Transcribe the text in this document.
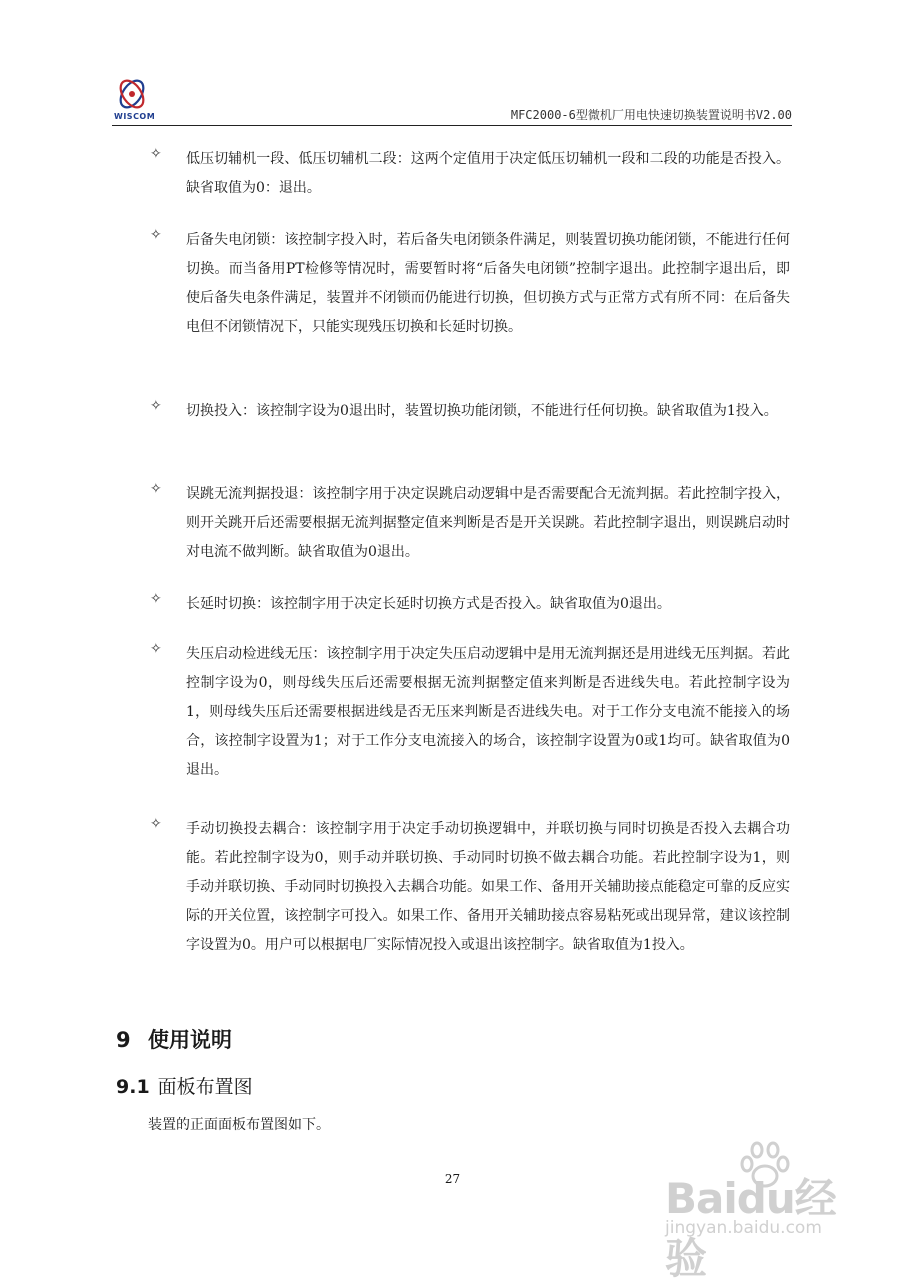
WISCOM	MFC2000-6型微机厂用电快速切换装置说明书V2.00
✧ 低压切辅机一段、低压切辅机二段：这两个定值用于决定低压切辅机一段和二段的功能是否投入。缺省取值为0：退出。
✧ 后备失电闭锁：该控制字投入时，若后备失电闭锁条件满足，则装置切换功能闭锁，不能进行任何切换。而当备用PT检修等情况时，需要暂时将“后备失电闭锁”控制字退出。此控制字退出后，即使后备失电条件满足，装置并不闭锁而仍能进行切换，但切换方式与正常方式有所不同：在后备失电但不闭锁情况下，只能实现残压切换和长延时切换。
✧ 切换投入：该控制字设为0退出时，装置切换功能闭锁，不能进行任何切换。缺省取值为1投入。
✧ 误跳无流判据投退：该控制字用于决定误跳启动逻辑中是否需要配合无流判据。若此控制字投入，则开关跳开后还需要根据无流判据整定值来判断是否是开关误跳。若此控制字退出，则误跳启动时对电流不做判断。缺省取值为0退出。
✧ 长延时切换：该控制字用于决定长延时切换方式是否投入。缺省取值为0退出。
✧ 失压启动检进线无压：该控制字用于决定失压启动逻辑中是用无流判据还是用进线无压判据。若此控制字设为0，则母线失压后还需要根据无流判据整定值来判断是否进线失电。若此控制字设为1，则母线失压后还需要根据进线是否无压来判断是否进线失电。对于工作分支电流不能接入的场合，该控制字设置为1；对于工作分支电流接入的场合，该控制字设置为0或1均可。缺省取值为0退出。
✧ 手动切换投去耦合：该控制字用于决定手动切换逻辑中，并联切换与同时切换是否投入去耦合功能。若此控制字设为0，则手动并联切换、手动同时切换不做去耦合功能。若此控制字设为1，则手动并联切换、手动同时切换投入去耦合功能。如果工作、备用开关辅助接点能稳定可靠的反应实际的开关位置，该控制字可投入。如果工作、备用开关辅助接点容易粘死或出现异常，建议该控制字设置为0。用户可以根据电厂实际情况投入或退出该控制字。缺省取值为1投入。
9 使用说明
9.1 面板布置图
装置的正面面板布置图如下。
27	Baidu经验
jingyan.baidu.com
